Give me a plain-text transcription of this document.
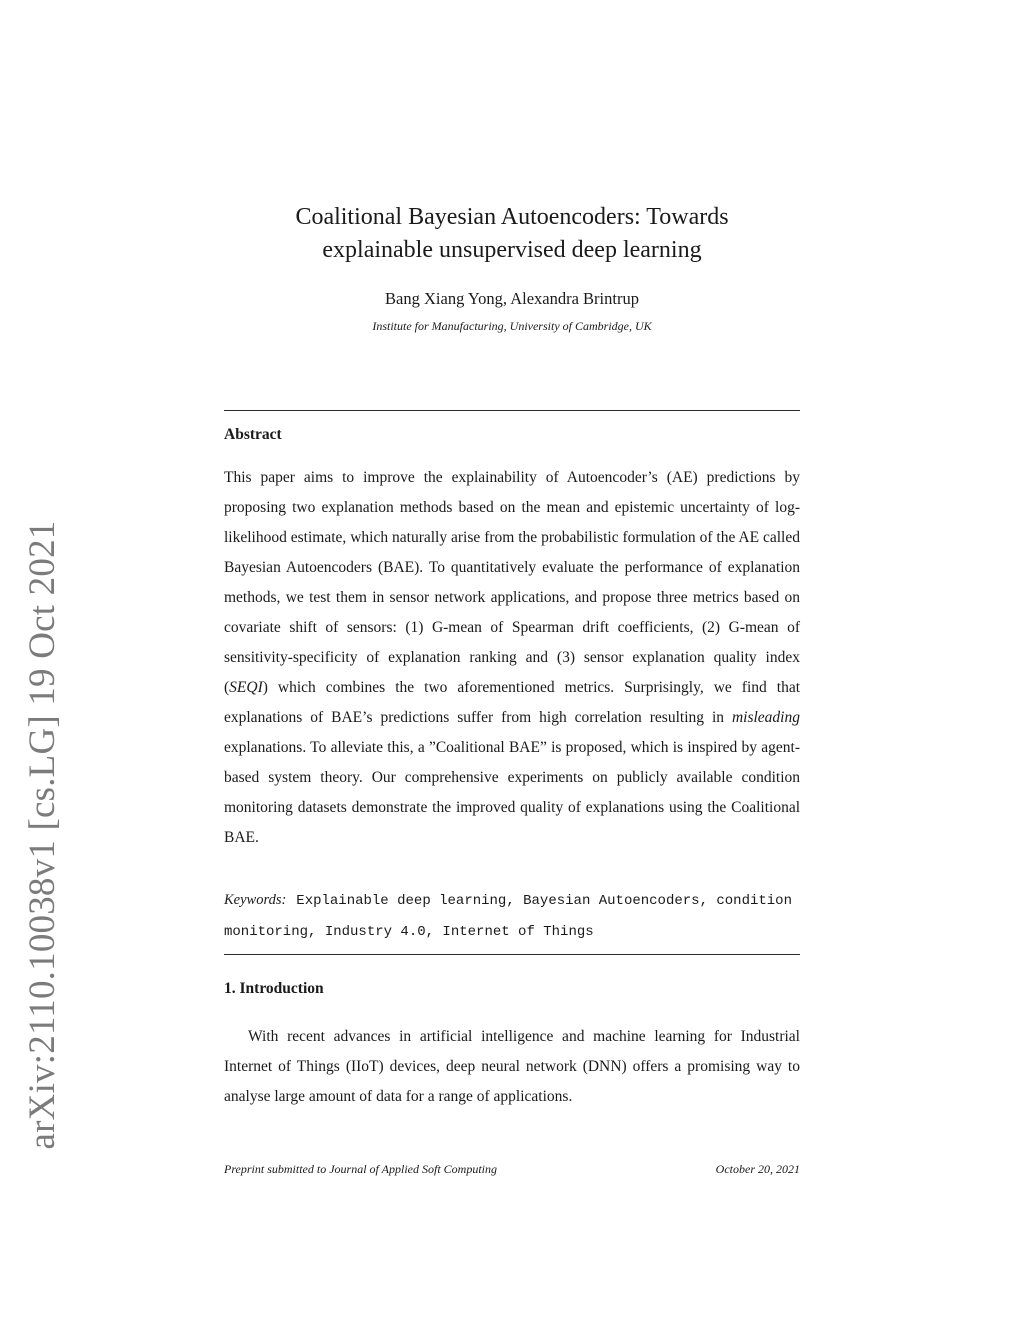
arXiv:2110.10038v1 [cs.LG] 19 Oct 2021
Coalitional Bayesian Autoencoders: Towards
explainable unsupervised deep learning
Bang Xiang Yong, Alexandra Brintrup
Institute for Manufacturing, University of Cambridge, UK
Abstract

This paper aims to improve the explainability of Autoencoder’s (AE) predictions by proposing two explanation methods based on the mean and epistemic uncertainty of log-likelihood estimate, which naturally arise from the probabilistic formulation of the AE called Bayesian Autoencoders (BAE). To quantitatively evaluate the performance of explanation methods, we test them in sensor network applications, and propose three metrics based on covariate shift of sensors: (1) G-mean of Spearman drift coefficients, (2) G-mean of sensitivity-specificity of explanation ranking and (3) sensor explanation quality index (SEQI) which combines the two aforementioned metrics. Surprisingly, we find that explanations of BAE’s predictions suffer from high correlation resulting in misleading explanations. To alleviate this, a ”Coalitional BAE” is proposed, which is inspired by agent-based system theory. Our comprehensive experiments on publicly available condition monitoring datasets demonstrate the improved quality of explanations using the Coalitional BAE.

Keywords: Explainable deep learning, Bayesian Autoencoders, condition monitoring, Industry 4.0, Internet of Things
1. Introduction

With recent advances in artificial intelligence and machine learning for Industrial Internet of Things (IIoT) devices, deep neural network (DNN) offers a promising way to analyse large amount of data for a range of applications.

Preprint submitted to Journal of Applied Soft Computing	October 20, 2021
